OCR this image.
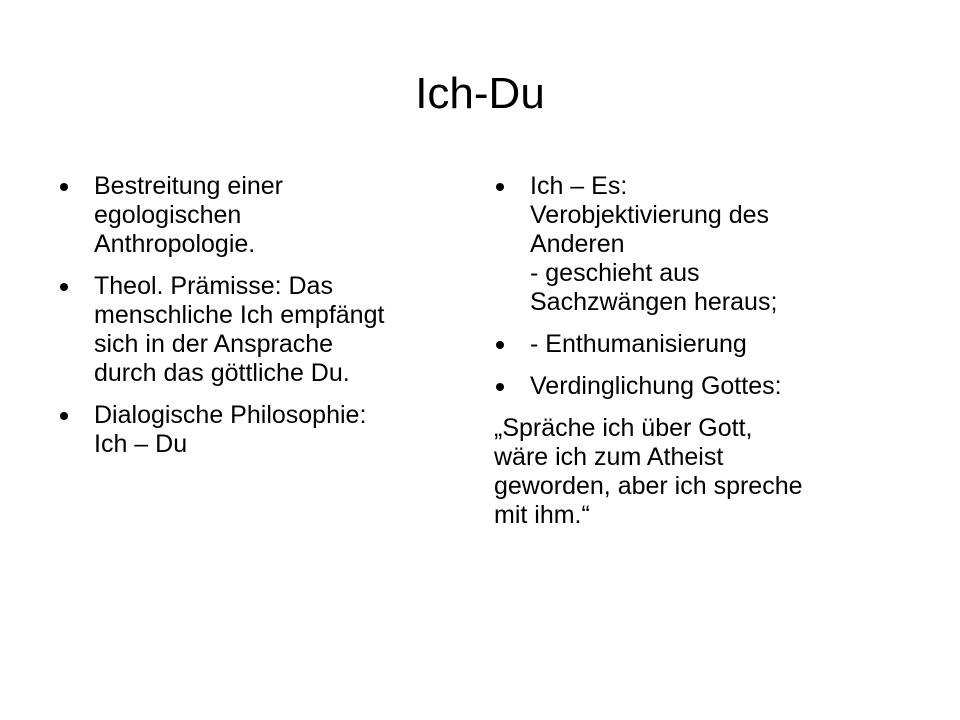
Ich-Du
Bestreitung einer
egologischen
Anthropologie.
Theol. Prämisse: Das
menschliche Ich empfängt
sich in der Ansprache
durch das göttliche Du.
Dialogische Philosophie:
Ich – Du
Ich – Es:
Verobjektivierung des
Anderen
- geschieht aus
Sachzwängen heraus;
- Enthumanisierung
Verdinglichung Gottes:

„Spräche ich über Gott,
wäre ich zum Atheist
geworden, aber ich spreche
mit ihm.“
